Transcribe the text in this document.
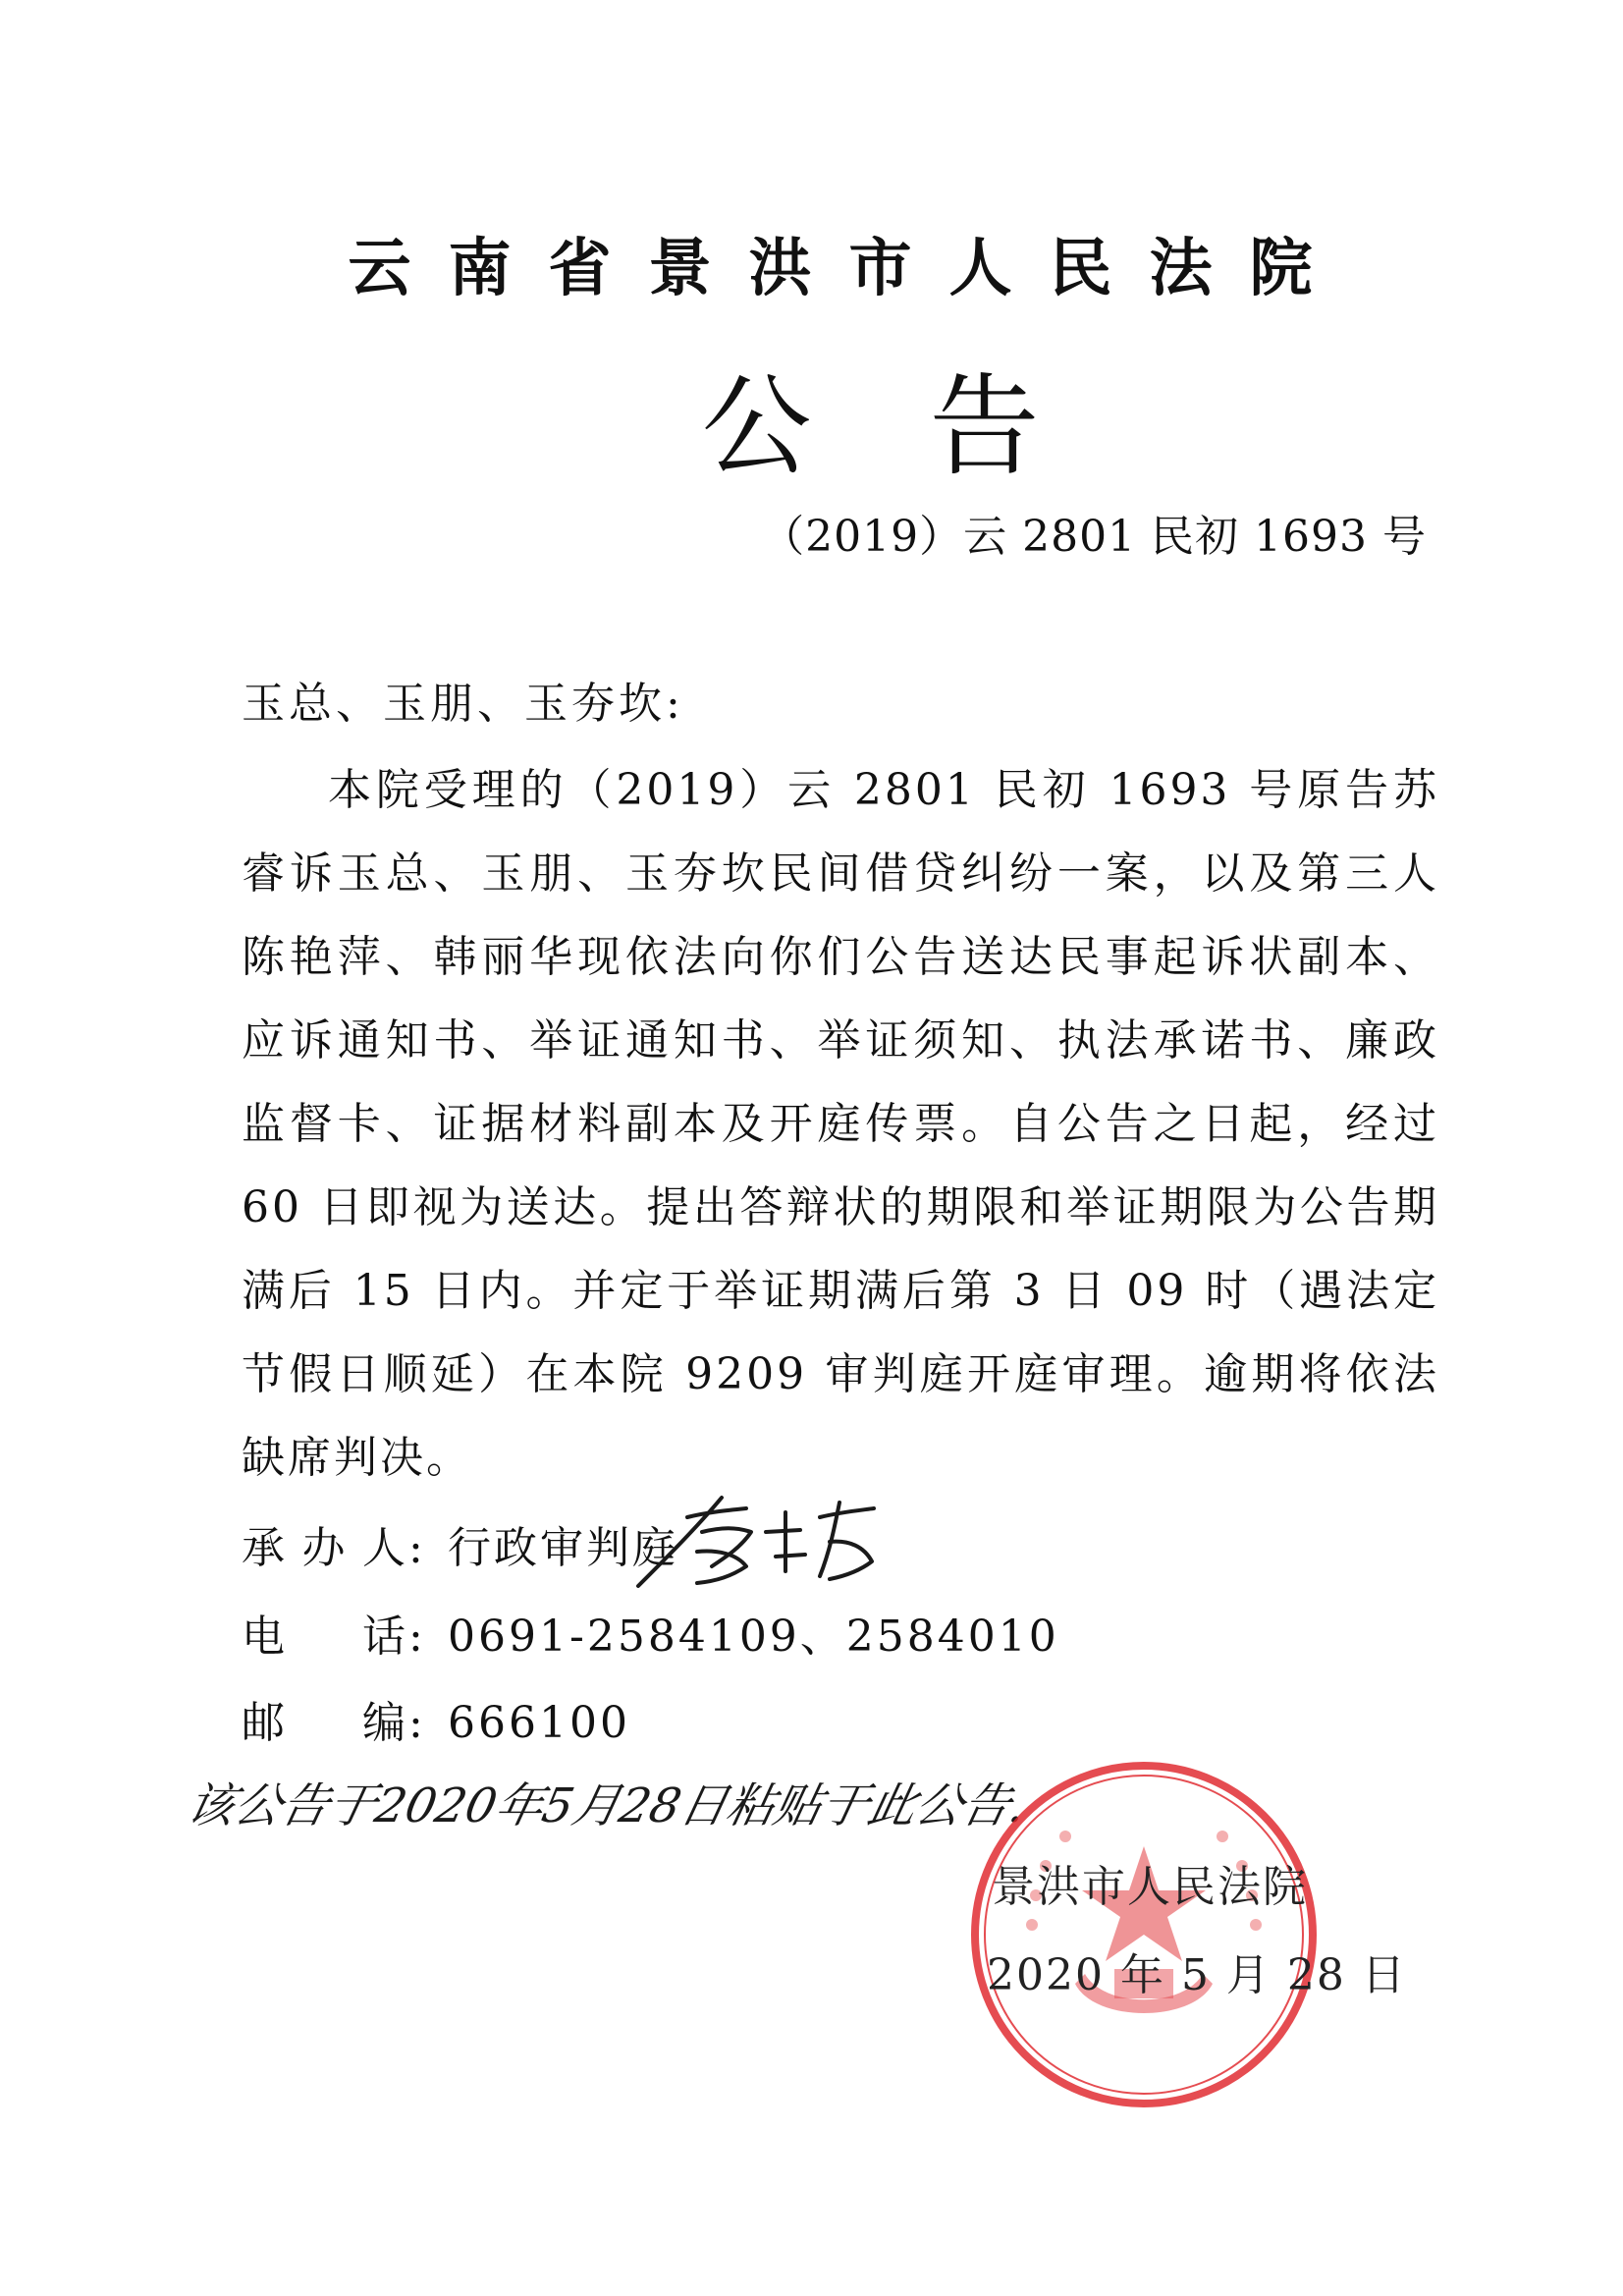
云南省景洪市人民法院
公告
（2019）云 2801 民初 1693 号
玉总、玉朋、玉夯坎:
本院受理的（2019）云 2801 民初 1693 号原告苏睿诉玉总、玉朋、玉夯坎民间借贷纠纷一案，以及第三人陈艳萍、韩丽华现依法向你们公告送达民事起诉状副本、应诉通知书、举证通知书、举证须知、执法承诺书、廉政监督卡、证据材料副本及开庭传票。自公告之日起，经过 60 日即视为送达。提出答辩状的期限和举证期限为公告期满后 15 日内。并定于举证期满后第 3 日 09 时（遇法定节假日顺延）在本院 9209 审判庭开庭审理。逾期将依法缺席判决。
承办人: 行政审判庭
电话: 0691-2584109、2584010
邮编: 666100
该公告于2020年5月28日粘贴于此公告.
景洪市人民法院
2020 年 5 月 28 日
